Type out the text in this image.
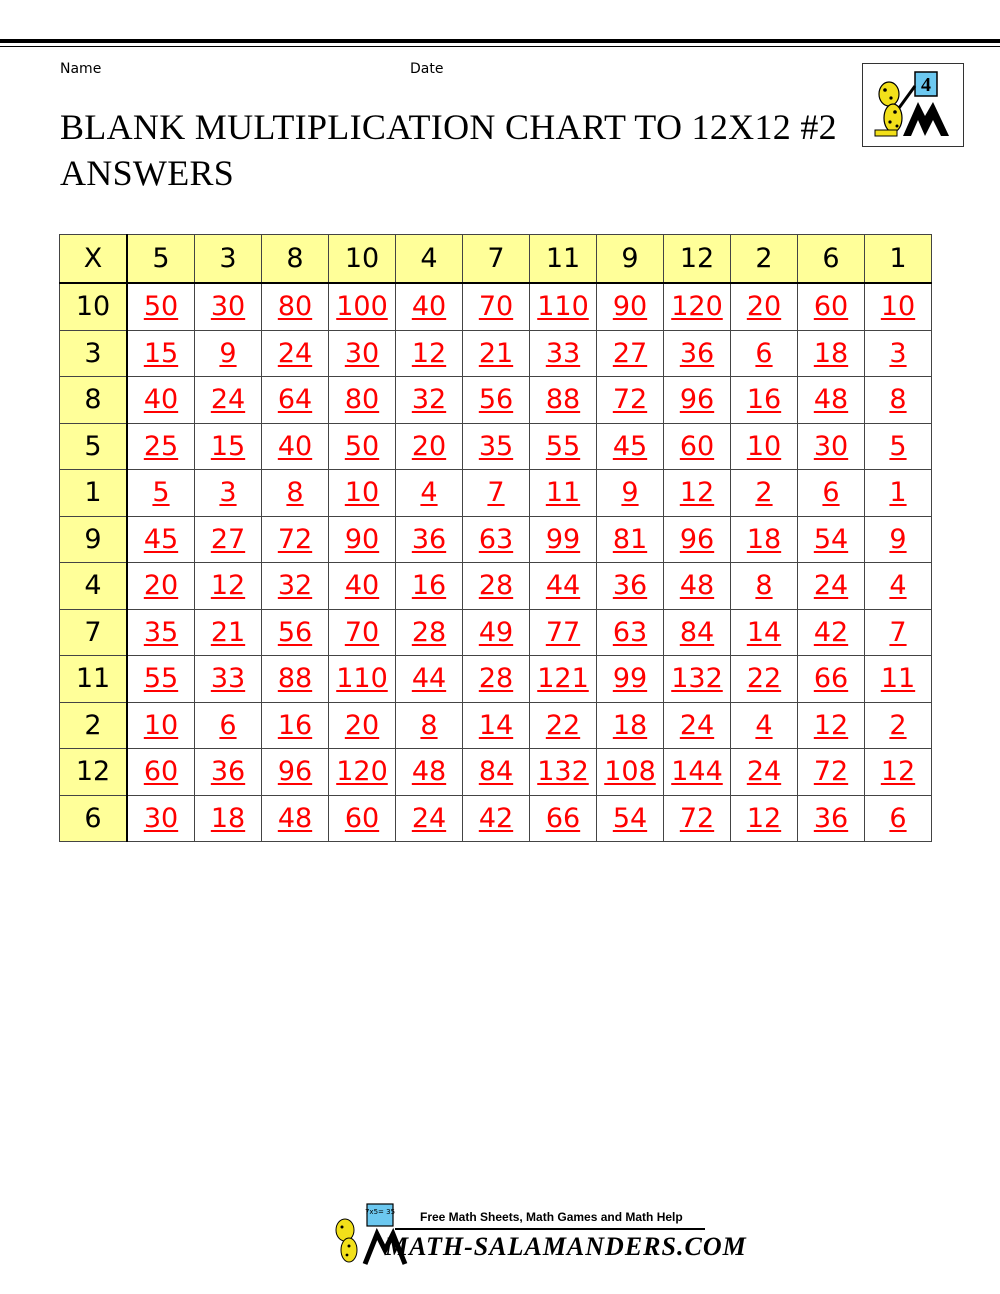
Name	Date
BLANK MULTIPLICATION CHART TO 12X12 #2
ANSWERS
4
X	5	3	8	10	4	7	11	9	12	2	6	1
10	50	30	80	100	40	70	110	90	120	20	60	10
3	15	9	24	30	12	21	33	27	36	6	18	3
8	40	24	64	80	32	56	88	72	96	16	48	8
5	25	15	40	50	20	35	55	45	60	10	30	5
1	5	3	8	10	4	7	11	9	12	2	6	1
9	45	27	72	90	36	63	99	81	96	18	54	9
4	20	12	32	40	16	28	44	36	48	8	24	4
7	35	21	56	70	28	49	77	63	84	14	42	7
11	55	33	88	110	44	28	121	99	132	22	66	11
2	10	6	16	20	8	14	22	18	24	4	12	2
12	60	36	96	120	48	84	132	108	144	24	72	12
6	30	18	48	60	24	42	66	54	72	12	36	6
7x5= 35 Free Math Sheets, Math Games and Math Help
MATH-SALAMANDERS.COM
